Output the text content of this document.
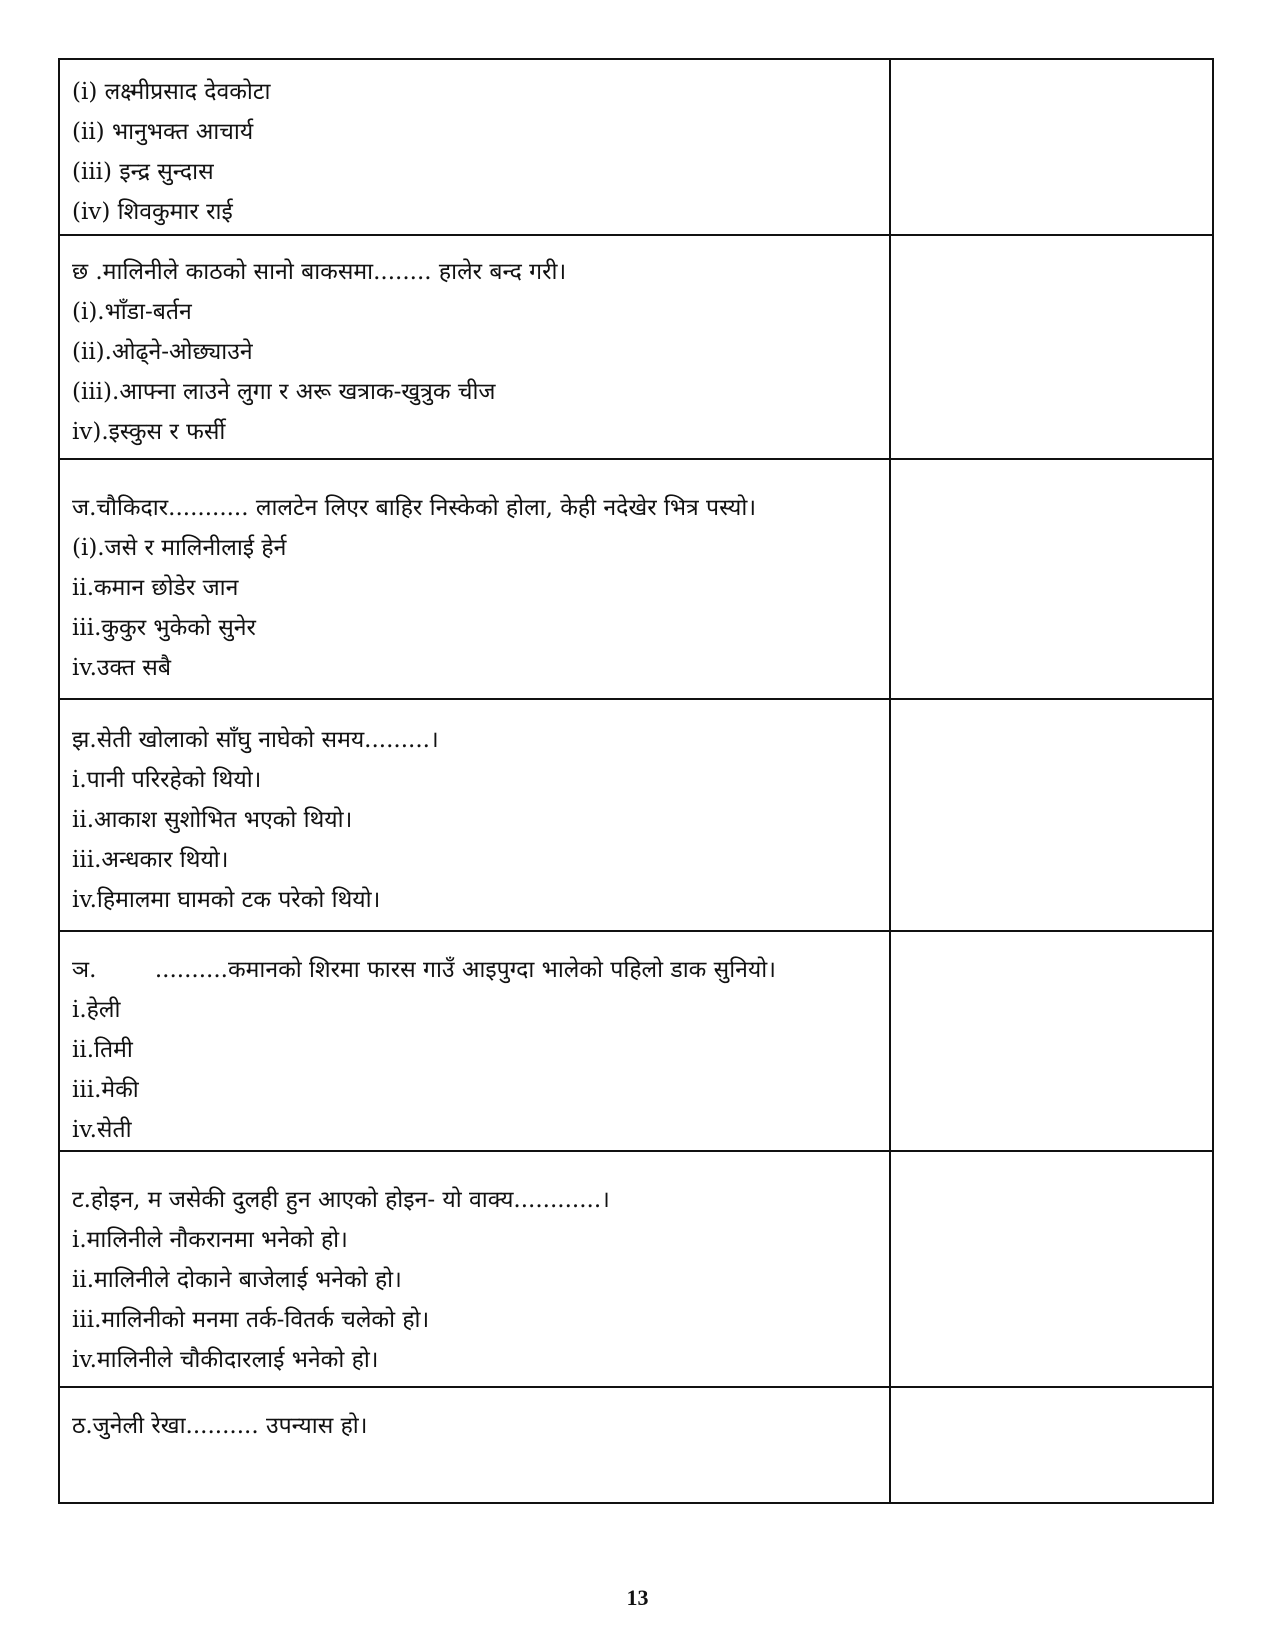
(i) लक्ष्मीप्रसाद देवकोटा
(ii) भानुभक्त आचार्य
(iii) इन्द्र सुन्दास
(iv) शिवकुमार राई	

छ .मालिनीले काठको सानो बाकसमा........ हालेर बन्द गरी।
(i).भाँडा-बर्तन
(ii).ओढ्ने-ओछ्याउने
(iii).आफ्ना लाउने लुगा र अरू खत्राक-खुत्रुक चीज
iv).इस्कुस र फर्सी	

ज.चौकिदार........... लालटेन लिएर बाहिर निस्केको होला, केही नदेखेर भित्र पस्यो।
(i).जसे र मालिनीलाई हेर्न
ii.कमान छोडेर जान
iii.कुकुर भुकेको सुनेर
iv.उक्त सबै	

झ.सेती खोलाको साँघु नाघेको समय.........।
i.पानी परिरहेको थियो।
ii.आकाश सुशोभित भएको थियो।
iii.अन्धकार थियो।
iv.हिमालमा घामको टक परेको थियो।	

ञ.        ..........कमानको शिरमा फारस गाउँ आइपुग्दा भालेको पहिलो डाक सुनियो।
i.हेली
ii.तिमी
iii.मेकी
iv.सेती	

ट.होइन, म जसेकी दुलही हुन आएको होइन- यो वाक्य............।
i.मालिनीले नौकरानमा भनेको हो।
ii.मालिनीले दोकाने बाजेलाई भनेको हो।
iii.मालिनीको मनमा तर्क-वितर्क चलेको हो।
iv.मालिनीले चौकीदारलाई भनेको हो।	

ठ.जुनेली रेखा.......... उपन्यास हो।	

13
